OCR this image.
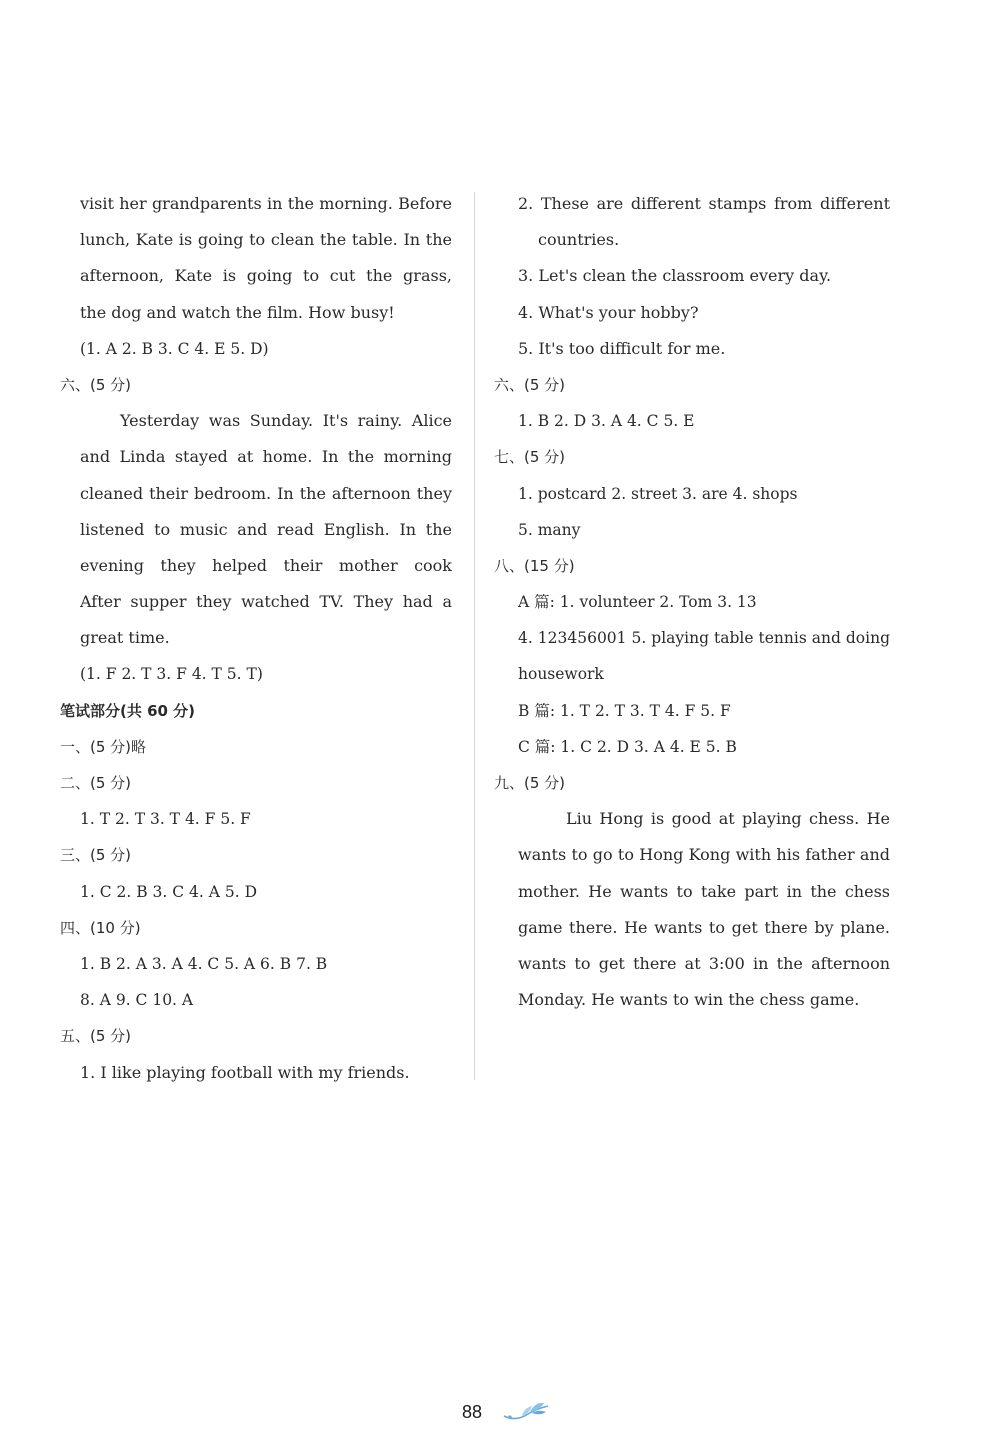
visit her grandparents in the morning. Before
lunch, Kate is going to clean the table. In the
afternoon, Kate is going to cut the grass,
the dog and watch the film. How busy!
(1. A 2. B 3. C 4. E 5. D)
六、(5 分)
Yesterday was Sunday. It's rainy. Alice
and Linda stayed at home. In the morning
cleaned their bedroom. In the afternoon they
listened to music and read English. In the
evening they helped their mother cook
After supper they watched TV. They had a
great time.
(1. F 2. T 3. F 4. T 5. T)
笔试部分(共 60 分)
一、(5 分)略
二、(5 分)
1. T 2. T 3. T 4. F 5. F
三、(5 分)
1. C 2. B 3. C 4. A 5. D
四、(10 分)
1. B 2. A 3. A 4. C 5. A 6. B 7. B
8. A 9. C 10. A
五、(5 分)
1. I like playing football with my friends.
2. These are different stamps from different
countries.
3. Let's clean the classroom every day.
4. What's your hobby?
5. It's too difficult for me.
六、(5 分)
1. B 2. D 3. A 4. C 5. E
七、(5 分)
1. postcard 2. street 3. are 4. shops
5. many
八、(15 分)
A 篇: 1. volunteer 2. Tom 3. 13
4. 123456001 5. playing table tennis and doing
housework
B 篇: 1. T 2. T 3. T 4. F 5. F
C 篇: 1. C 2. D 3. A 4. E 5. B
九、(5 分)
Liu Hong is good at playing chess. He
wants to go to Hong Kong with his father and
mother. He wants to take part in the chess
game there. He wants to get there by plane.
wants to get there at 3:00 in the afternoon
Monday. He wants to win the chess game.
88
